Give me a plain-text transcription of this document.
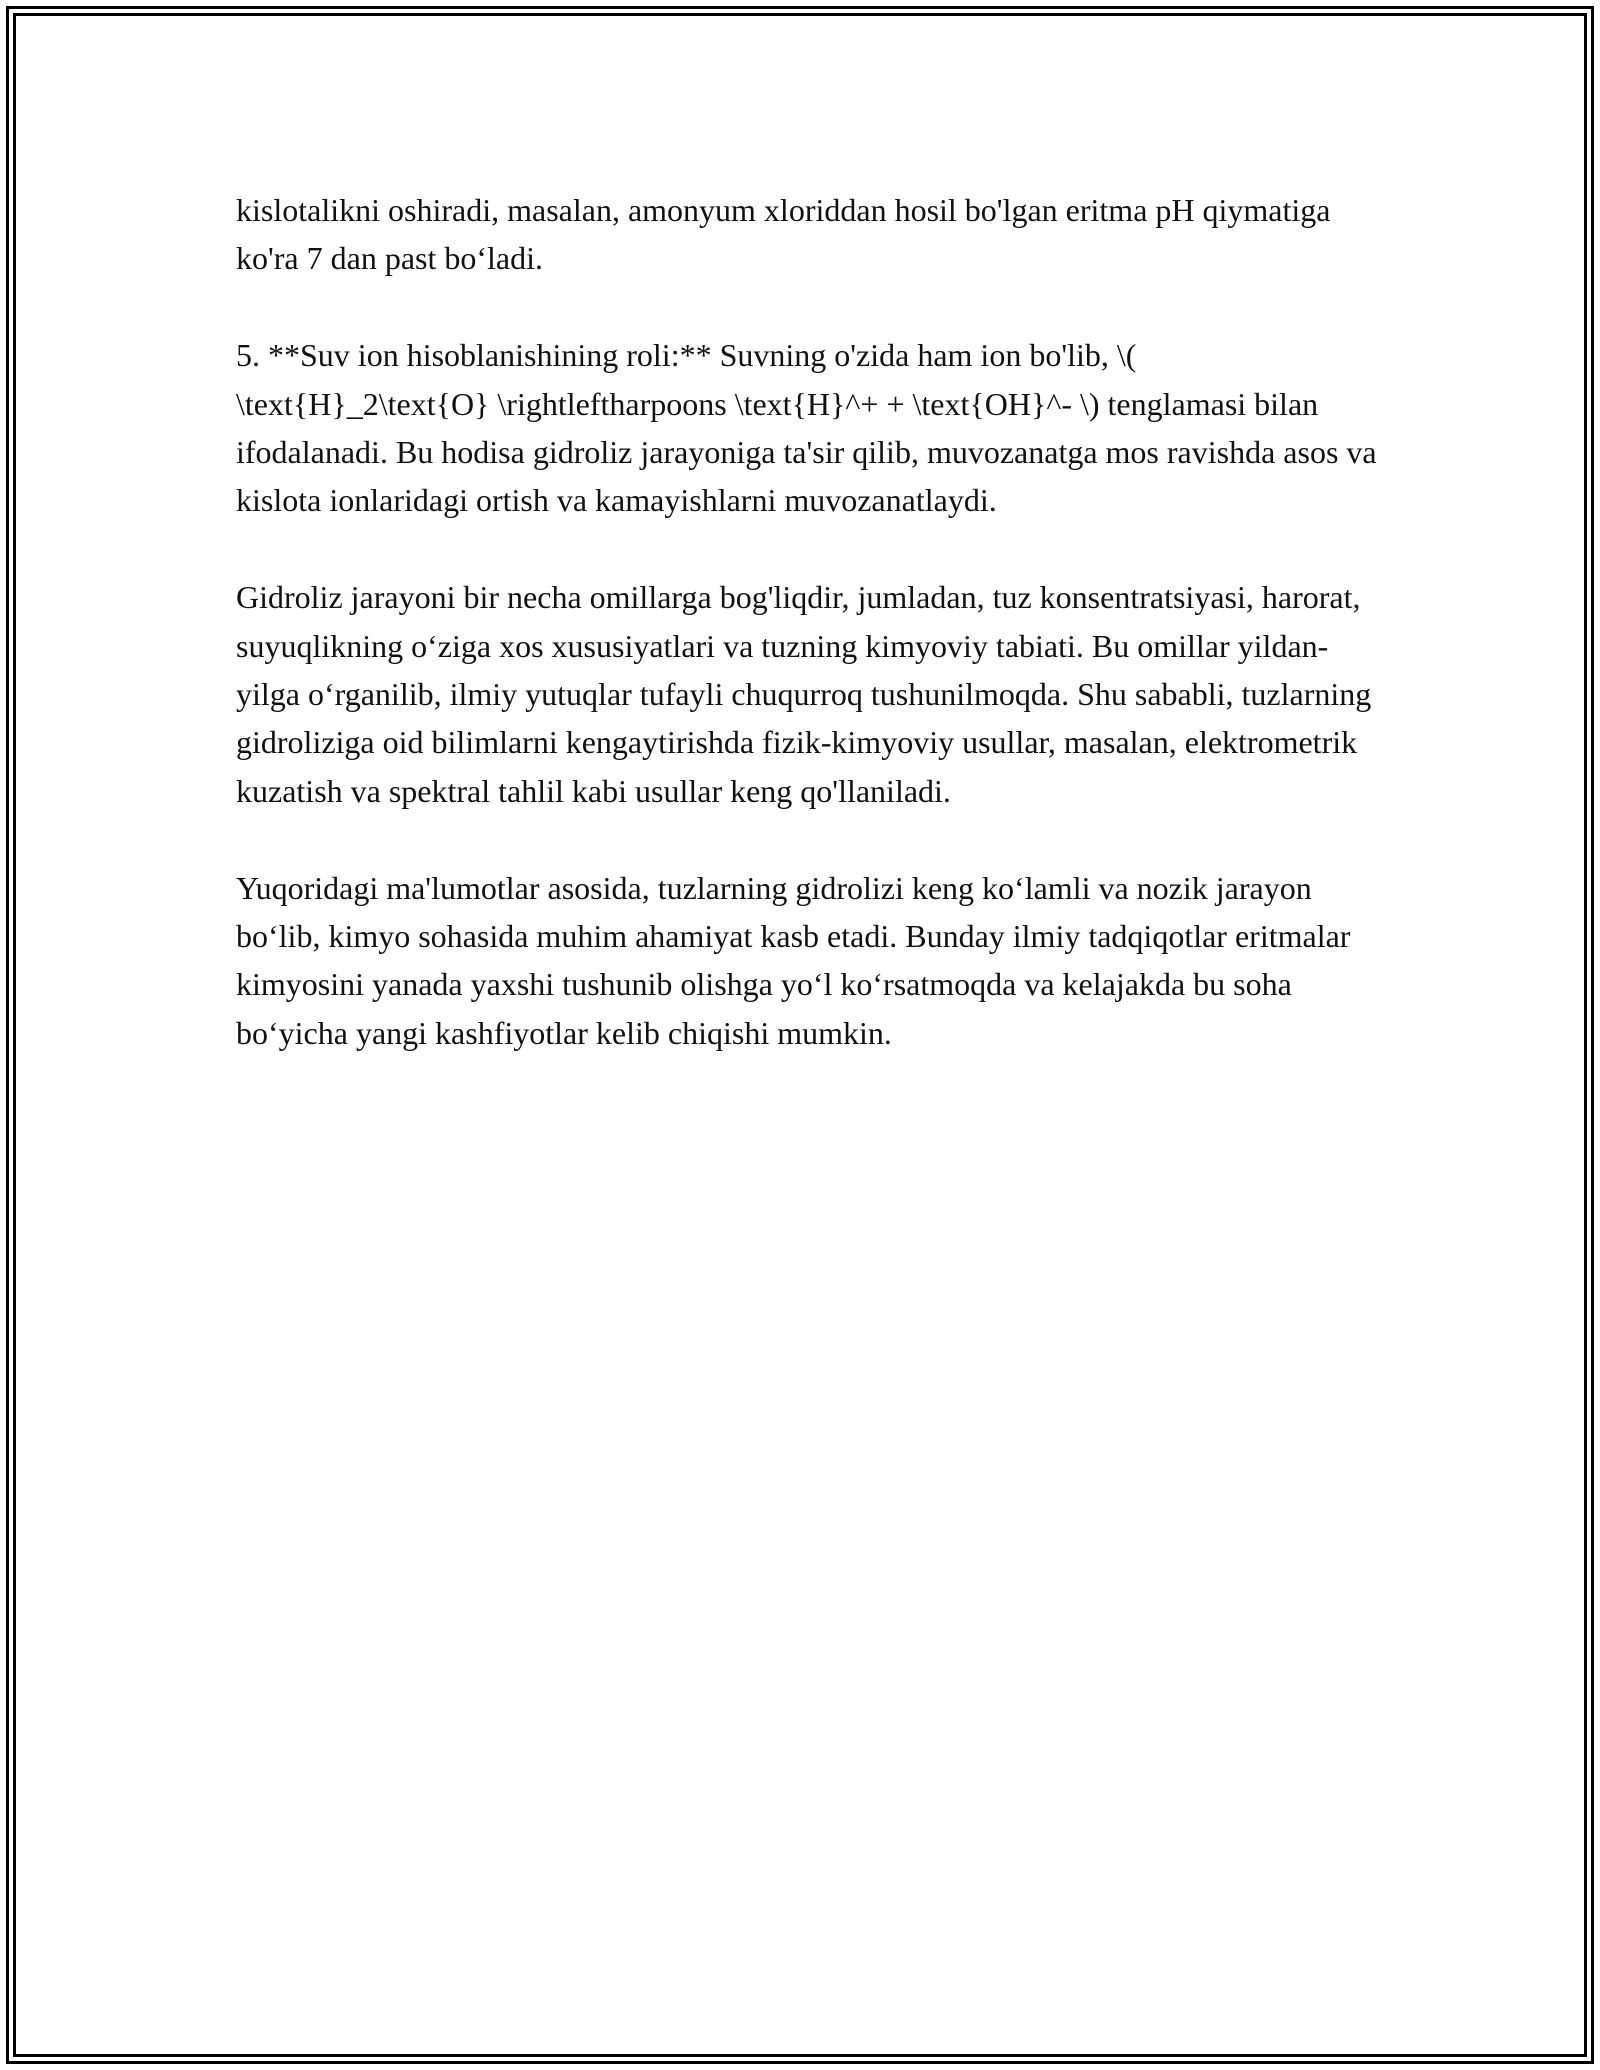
kislotalikni oshiradi, masalan, amonyum xloriddan hosil bo'lgan eritma pH qiymatiga ko'ra 7 dan past bo‘ladi.

5. **Suv ion hisoblanishining roli:** Suvning o'zida ham ion bo'lib, \( \text{H}_2\text{O} \rightleftharpoons \text{H}^+ + \text{OH}^- \) tenglamasi bilan ifodalanadi. Bu hodisa gidroliz jarayoniga ta'sir qilib, muvozanatga mos ravishda asos va kislota ionlaridagi ortish va kamayishlarni muvozanatlaydi.

Gidroliz jarayoni bir necha omillarga bog'liqdir, jumladan, tuz konsentratsiyasi, harorat, suyuqlikning o‘ziga xos xususiyatlari va tuzning kimyoviy tabiati. Bu omillar yildan-yilga o‘rganilib, ilmiy yutuqlar tufayli chuqurroq tushunilmoqda. Shu sababli, tuzlarning gidroliziga oid bilimlarni kengaytirishda fizik-kimyoviy usullar, masalan, elektrometrik kuzatish va spektral tahlil kabi usullar keng qo'llaniladi.

Yuqoridagi ma'lumotlar asosida, tuzlarning gidrolizi keng ko‘lamli va nozik jarayon bo‘lib, kimyo sohasida muhim ahamiyat kasb etadi. Bunday ilmiy tadqiqotlar eritmalar kimyosini yanada yaxshi tushunib olishga yo‘l ko‘rsatmoqda va kelajakda bu soha bo‘yicha yangi kashfiyotlar kelib chiqishi mumkin.
